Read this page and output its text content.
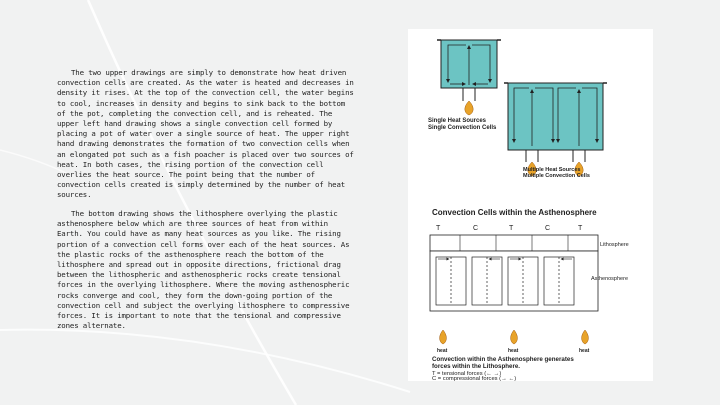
The two upper drawings are simply to demonstrate how heat driven convection cells are created. As the water is heated and decreases in density it rises. At the top of the convection cell, the water begins to cool, increases in density and begins to sink back to the bottom of the pot, completing the convection cell, and is reheated. The upper left hand drawing shows a single convection cell formed by placing a pot of water over a single source of heat. The upper right hand drawing demonstrates the formation of two convection cells when an elongated pot such as a fish poacher is placed over two sources of heat. In both cases, the rising portion of the convection cell overlies the heat source. The point being that the number of convection cells created is simply determined by the number of heat sources.

The bottom drawing shows the lithosphere overlying the plastic asthenosphere below which are three sources of heat from within Earth. You could have as many heat sources as you like. The rising portion of a convection cell forms over each of the heat sources. As the plastic rocks of the asthenosphere reach the bottom of the lithosphere and spread out in opposite directions, frictional drag between the lithospheric and asthenospheric rocks create tensional forces in the overlying lithosphere. Where the moving asthenospheric rocks converge and cool, they form the down-going portion of the convection cell and subject the overlying lithosphere to compressive forces. It is important to note that the tensional and compressive zones alternate.

Single Heat Sources
Single Convection Cells
Multiple Heat Sources
Multiple Convection Cells
Convection Cells within the Asthenosphere
T	C	T	C	T
Lithosphere
Asthenosphere
heat	heat	heat
Convection within the Asthenosphere generates
forces within the Lithosphere.
T = tensional forces (← →)
C = compressional forces (→ ←)
